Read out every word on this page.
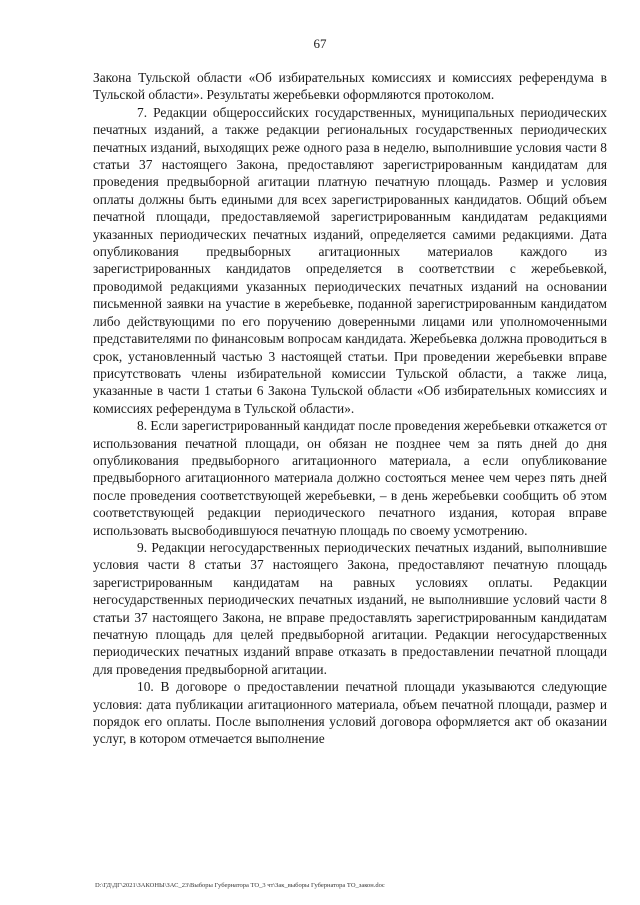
67

Закона Тульской области «Об избирательных комиссиях и комиссиях референдума в Тульской области». Результаты жеребьевки оформляются протоколом.

7. Редакции общероссийских государственных, муниципальных периодических печатных изданий, а также редакции региональных государственных периодических печатных изданий, выходящих реже одного раза в неделю, выполнившие условия части 8 статьи 37 настоящего Закона, предоставляют зарегистрированным кандидатам для проведения предвыборной агитации платную печатную площадь. Размер и условия оплаты должны быть едиными для всех зарегистрированных кандидатов. Общий объем печатной площади, предоставляемой зарегистрированным кандидатам редакциями указанных периодических печатных изданий, определяется самими редакциями. Дата опубликования предвыборных агитационных материалов каждого из зарегистрированных кандидатов определяется в соответствии с жеребьевкой, проводимой редакциями указанных периодических печатных изданий на основании письменной заявки на участие в жеребьевке, поданной зарегистрированным кандидатом либо действующими по его поручению доверенными лицами или уполномоченными представителями по финансовым вопросам кандидата. Жеребьевка должна проводиться в срок, установленный частью 3 настоящей статьи. При проведении жеребьевки вправе присутствовать члены избирательной комиссии Тульской области, а также лица, указанные в части 1 статьи 6 Закона Тульской области «Об избирательных комиссиях и комиссиях референдума в Тульской области».

8. Если зарегистрированный кандидат после проведения жеребьевки откажется от использования печатной площади, он обязан не позднее чем за пять дней до дня опубликования предвыборного агитационного материала, а если опубликование предвыборного агитационного материала должно состояться менее чем через пять дней после проведения соответствующей жеребьевки, – в день жеребьевки сообщить об этом соответствующей редакции периодического печатного издания, которая вправе использовать высвободившуюся печатную площадь по своему усмотрению.

9. Редакции негосударственных периодических печатных изданий, выполнившие условия части 8 статьи 37 настоящего Закона, предоставляют печатную площадь зарегистрированным кандидатам на равных условиях оплаты. Редакции негосударственных периодических печатных изданий, не выполнившие условий части 8 статьи 37 настоящего Закона, не вправе предоставлять зарегистрированным кандидатам печатную площадь для целей предвыборной агитации. Редакции негосударственных периодических печатных изданий вправе отказать в предоставлении печатной площади для проведения предвыборной агитации.

10. В договоре о предоставлении печатной площади указываются следующие условия: дата публикации агитационного материала, объем печатной площади, размер и порядок его оплаты. После выполнения условий договора оформляется акт об оказании услуг, в котором отмечается выполнение

D:\ГД\ДГ\2021\ЗАКОНЫ\ЗАС_23\Выборы Губернатора ТО_3 чт\Зак_выборы Губернатора ТО_закон.doc
